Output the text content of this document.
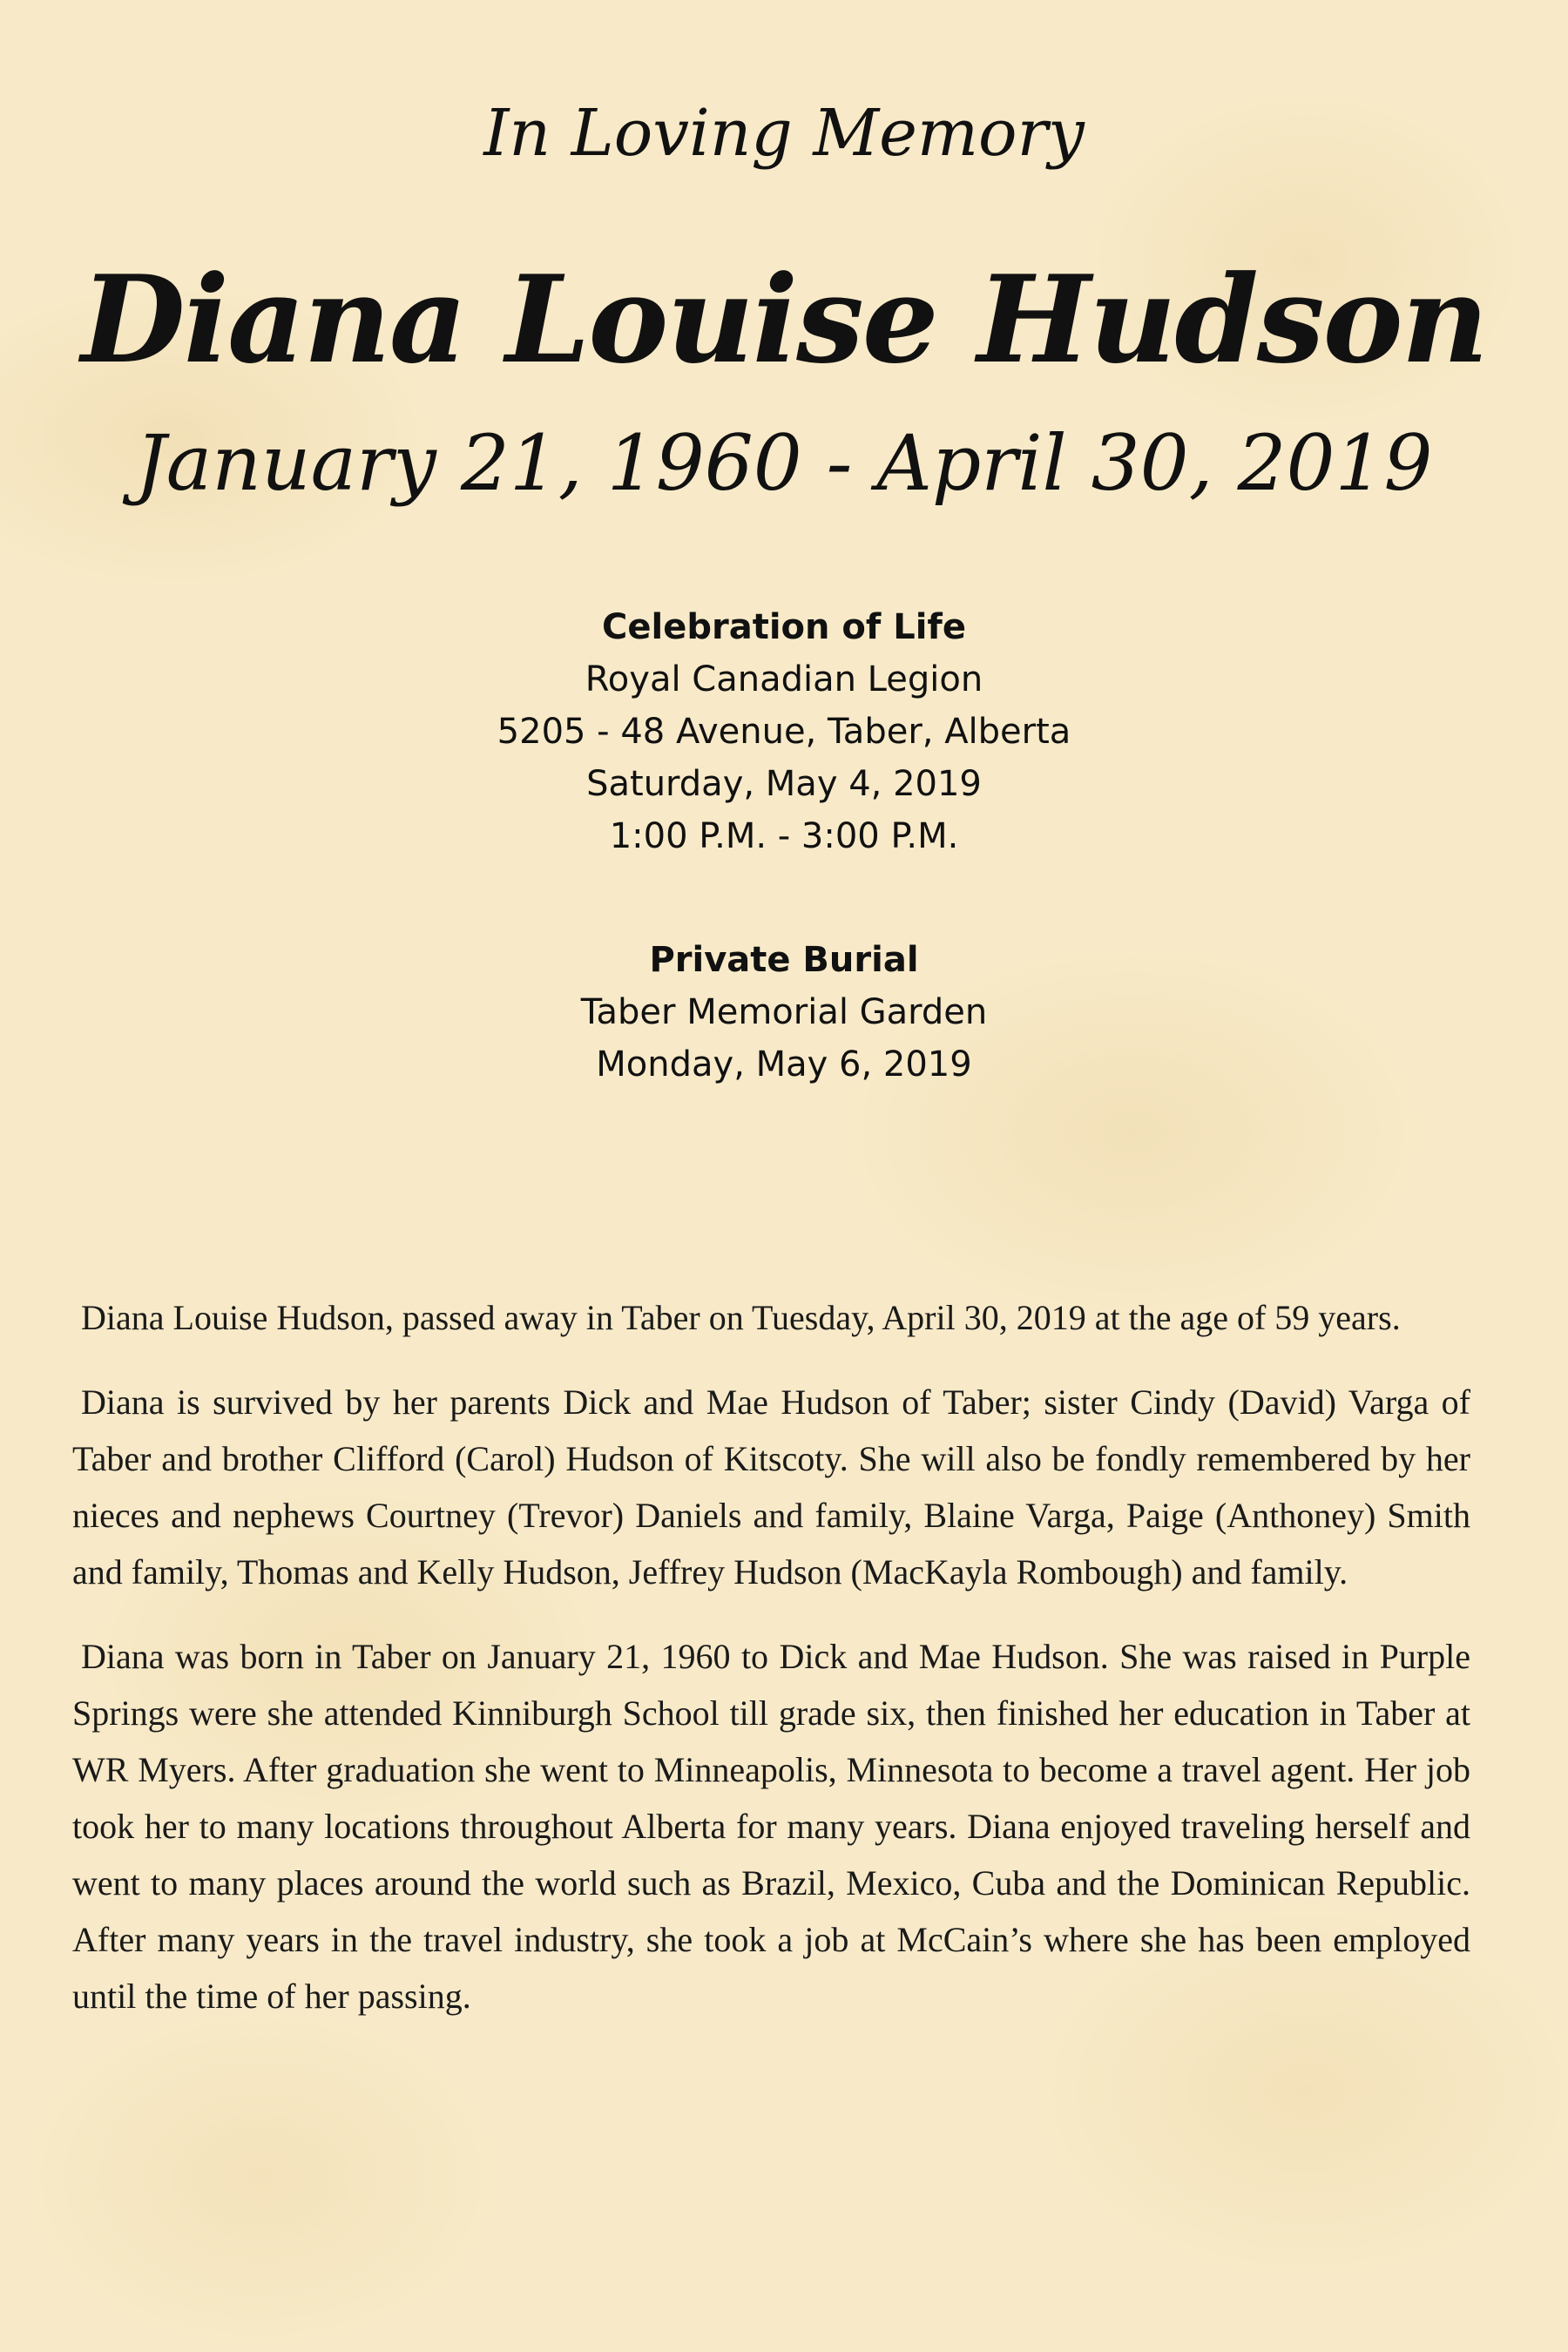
In Loving Memory
Diana Louise Hudson
January 21, 1960 - April 30, 2019
Celebration of Life
Royal Canadian Legion
5205 - 48 Avenue, Taber, Alberta
Saturday, May 4, 2019
1:00 P.M. - 3:00 P.M.
Private Burial
Taber Memorial Garden
Monday, May 6, 2019

Diana Louise Hudson, passed away in Taber on Tuesday, April 30, 2019 at the age of 59 years.

Diana is survived by her parents Dick and Mae Hudson of Taber; sister Cindy (David) Varga of Taber and brother Clifford (Carol) Hudson of Kitscoty. She will also be fondly remembered by her nieces and nephews Courtney (Trevor) Daniels and family, Blaine Varga, Paige (Anthoney) Smith and family, Thomas and Kelly Hudson, Jeffrey Hudson (MacKayla Rombough) and family.

Diana was born in Taber on January 21, 1960 to Dick and Mae Hudson. She was raised in Purple Springs were she attended Kinniburgh School till grade six, then finished her education in Taber at WR Myers. After graduation she went to Minneapolis, Minnesota to become a travel agent. Her job took her to many locations throughout Alberta for many years. Diana enjoyed traveling herself and went to many places around the world such as Brazil, Mexico, Cuba and the Dominican Republic. After many years in the travel industry, she took a job at McCain’s where she has been employed until the time of her passing.
